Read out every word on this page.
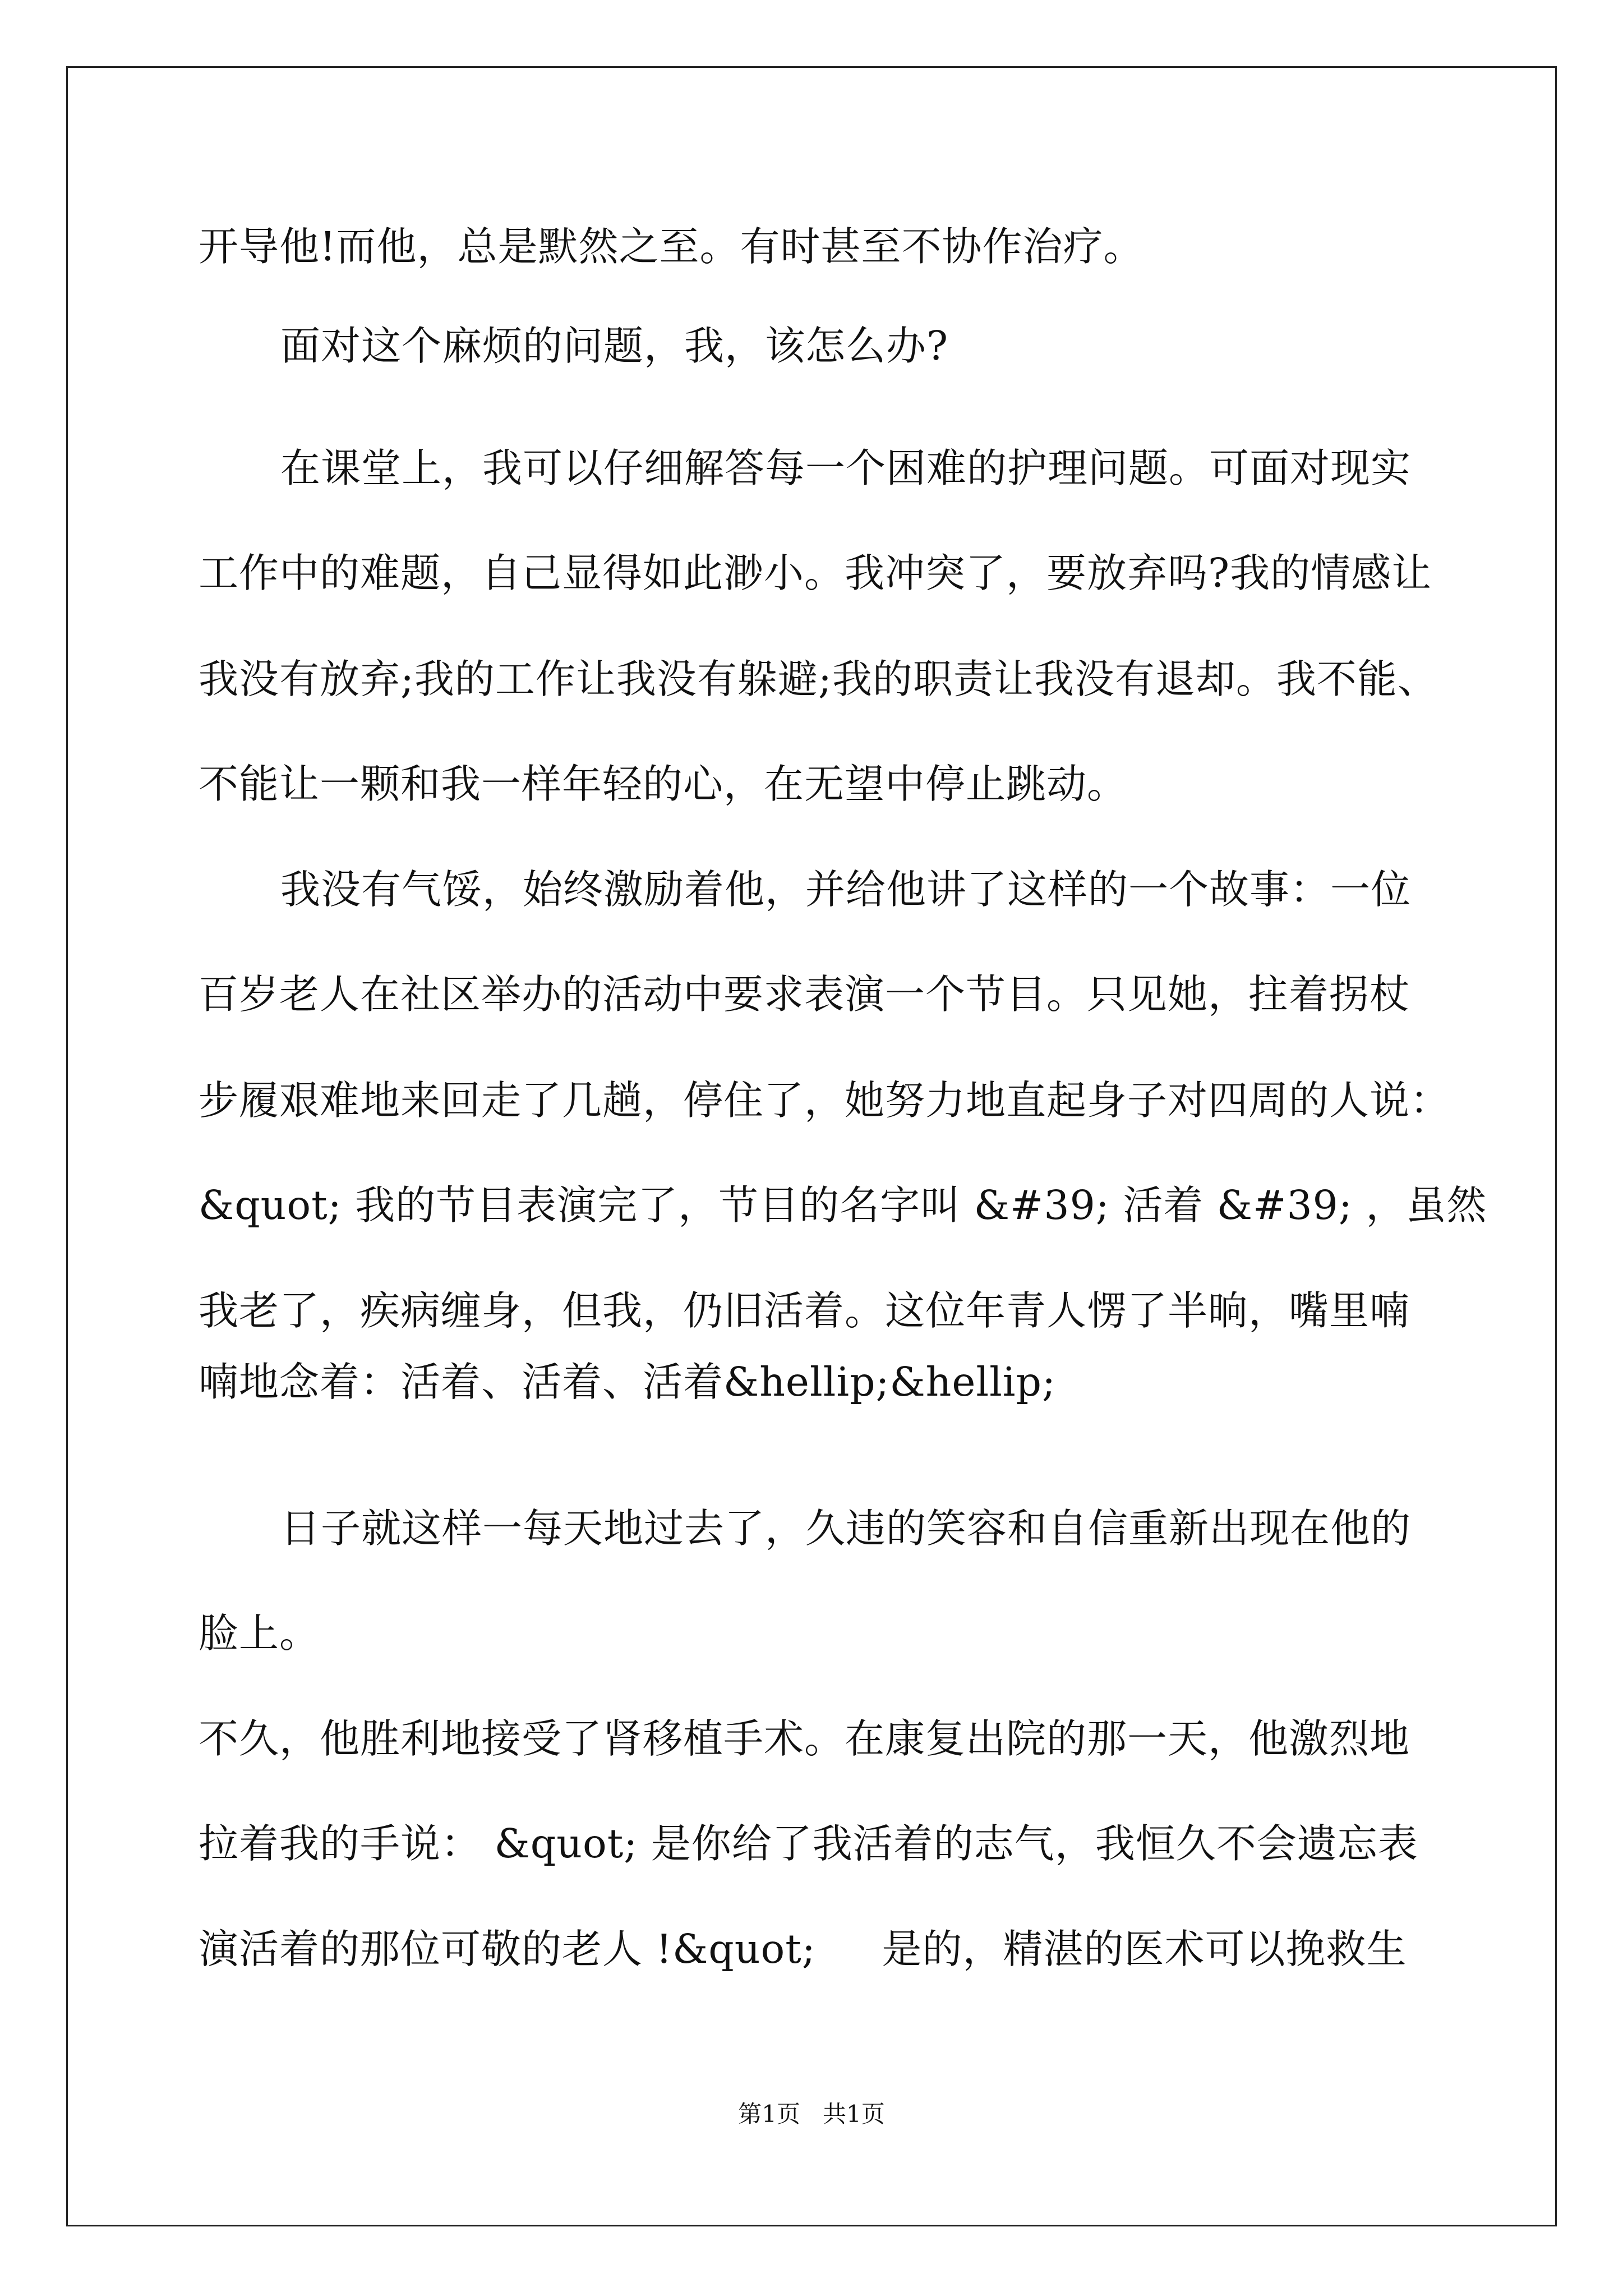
开导他!而他，总是默然之至。有时甚至不协作治疗。
面对这个麻烦的问题，我，该怎么办?
在课堂上，我可以仔细解答每一个困难的护理问题。可面对现实
工作中的难题，自己显得如此渺小。我冲突了，要放弃吗?我的情感让
我没有放弃;我的工作让我没有躲避;我的职责让我没有退却。我不能、
不能让一颗和我一样年轻的心，在无望中停止跳动。
我没有气馁，始终激励着他，并给他讲了这样的一个故事：一位
百岁老人在社区举办的活动中要求表演一个节目。只见她，拄着拐杖
步履艰难地来回走了几趟，停住了，她努力地直起身子对四周的人说：
&quot; 我的节目表演完了，节目的名字叫 &#39; 活着 &#39; ，虽然
我老了，疾病缠身，但我，仍旧活着。这位年青人愣了半晌，嘴里喃
喃地念着：活着、活着、活着&hellip;&hellip;
日子就这样一每天地过去了，久违的笑容和自信重新出现在他的
脸上。
不久，他胜利地接受了肾移植手术。在康复出院的那一天，他激烈地
拉着我的手说： &quot; 是你给了我活着的志气，我恒久不会遗忘表
演活着的那位可敬的老人 !&quot;     是的，精湛的医术可以挽救生
第1页   共1页
